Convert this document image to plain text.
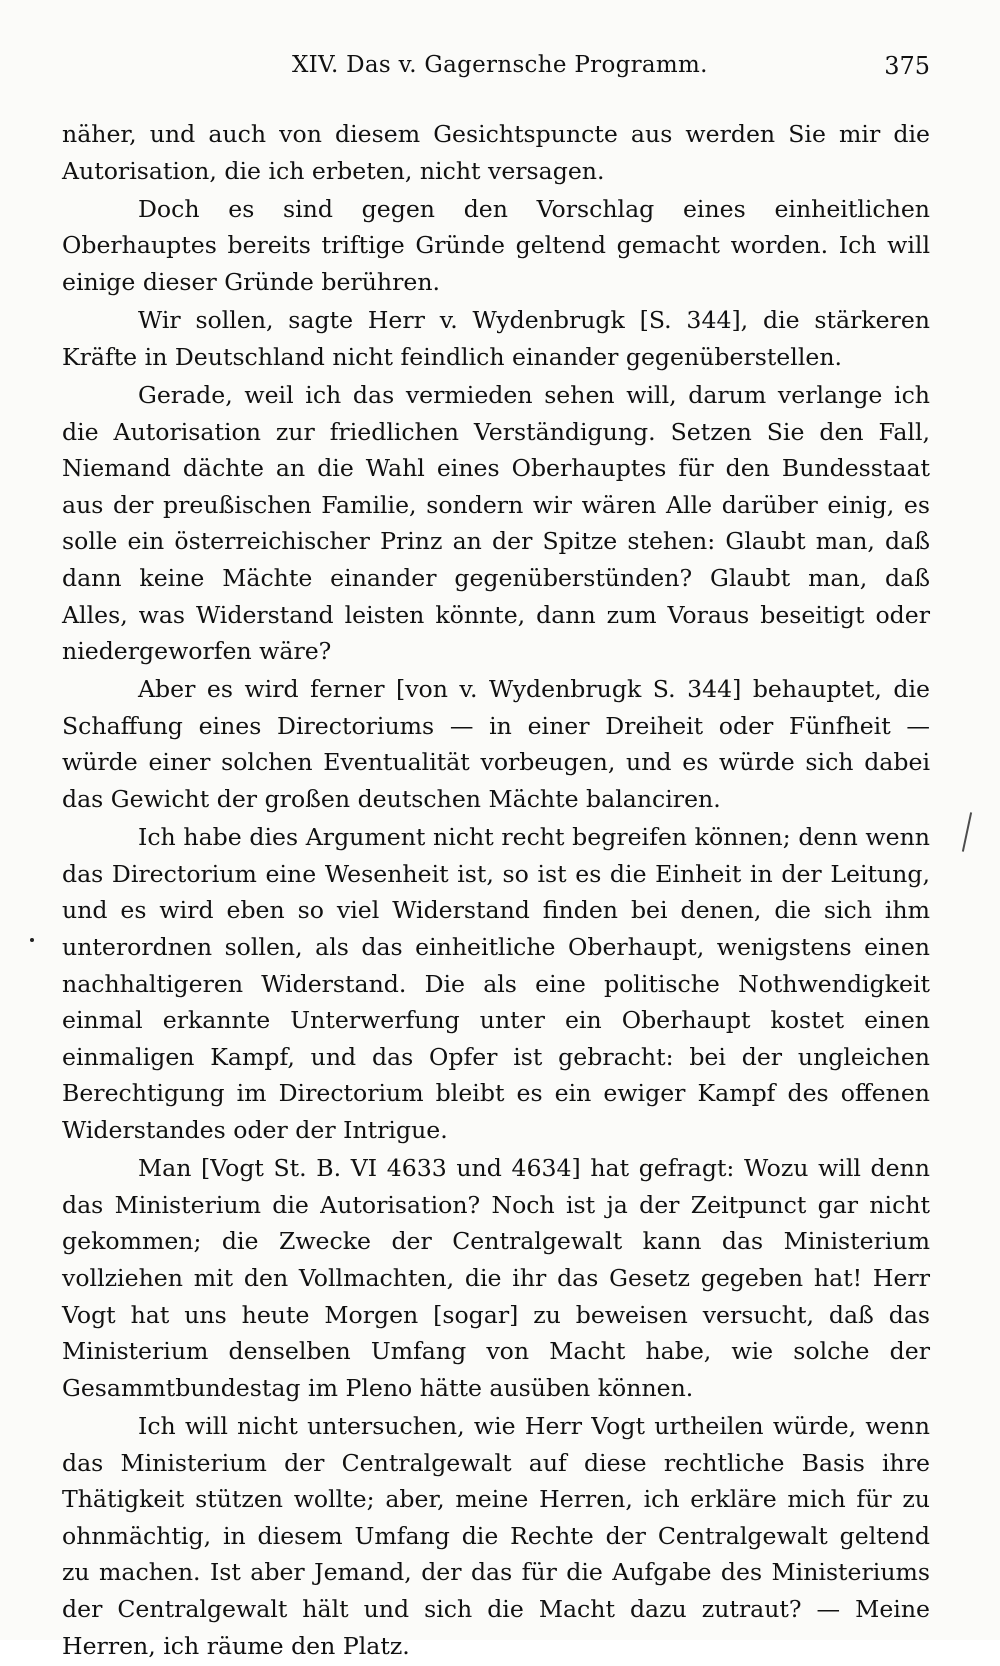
XIV. Das v. Gagernsche Programm.	375

näher, und auch von diesem Gesichtspuncte aus werden Sie mir die Autorisation, die ich erbeten, nicht versagen.

Doch es sind gegen den Vorschlag eines einheitlichen Oberhauptes bereits triftige Gründe geltend gemacht worden. Ich will einige dieser Gründe berühren.

Wir sollen, sagte Herr v. Wydenbrugk [S. 344], die stärkeren Kräfte in Deutschland nicht feindlich einander gegenüberstellen.

Gerade, weil ich das vermieden sehen will, darum verlange ich die Autorisation zur friedlichen Verständigung. Setzen Sie den Fall, Niemand dächte an die Wahl eines Oberhauptes für den Bundesstaat aus der preußischen Familie, sondern wir wären Alle darüber einig, es solle ein österreichischer Prinz an der Spitze stehen: Glaubt man, daß dann keine Mächte einander gegenüberstünden? Glaubt man, daß Alles, was Widerstand leisten könnte, dann zum Voraus beseitigt oder niedergeworfen wäre?

Aber es wird ferner [von v. Wydenbrugk S. 344] behauptet, die Schaffung eines Directoriums — in einer Dreiheit oder Fünfheit — würde einer solchen Eventualität vorbeugen, und es würde sich dabei das Gewicht der großen deutschen Mächte balanciren.

Ich habe dies Argument nicht recht begreifen können; denn wenn das Directorium eine Wesenheit ist, so ist es die Einheit in der Leitung, und es wird eben so viel Widerstand finden bei denen, die sich ihm unterordnen sollen, als das einheitliche Oberhaupt, wenigstens einen nachhaltigeren Widerstand. Die als eine politische Nothwendigkeit einmal erkannte Unterwerfung unter ein Oberhaupt kostet einen einmaligen Kampf, und das Opfer ist gebracht: bei der ungleichen Berechtigung im Directorium bleibt es ein ewiger Kampf des offenen Widerstandes oder der Intrigue.

Man [Vogt St. B. VI 4633 und 4634] hat gefragt: Wozu will denn das Ministerium die Autorisation? Noch ist ja der Zeitpunct gar nicht gekommen; die Zwecke der Centralgewalt kann das Ministerium vollziehen mit den Vollmachten, die ihr das Gesetz gegeben hat! Herr Vogt hat uns heute Morgen [sogar] zu beweisen versucht, daß das Ministerium denselben Umfang von Macht habe, wie solche der Gesammtbundestag im Pleno hätte ausüben können.

Ich will nicht untersuchen, wie Herr Vogt urtheilen würde, wenn das Ministerium der Centralgewalt auf diese rechtliche Basis ihre Thätigkeit stützen wollte; aber, meine Herren, ich erkläre mich für zu ohnmächtig, in diesem Umfang die Rechte der Centralgewalt geltend zu machen. Ist aber Jemand, der das für die Aufgabe des Ministeriums der Centralgewalt hält und sich die Macht dazu zutraut? — Meine Herren, ich räume den Platz.
